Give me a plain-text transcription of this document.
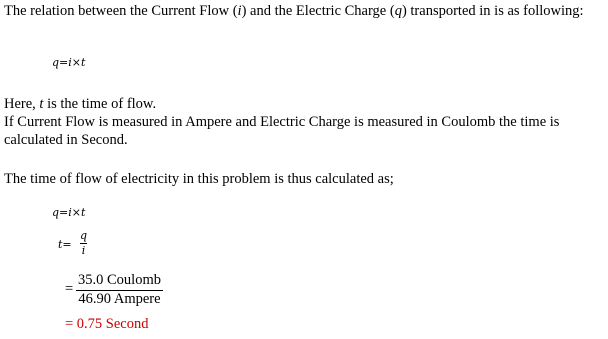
The relation between the Current Flow (i) and the Electric Charge (q) transported in is as following:
q=i×t
Here, t is the time of flow.
If Current Flow is measured in Ampere and Electric Charge is measured in Coulomb the time is calculated in Second.
The time of flow of electricity in this problem is thus calculated as;
q=i×t
t=
q
i
=
35.0 Coulomb
46.90 Ampere
= 0.75 Second
